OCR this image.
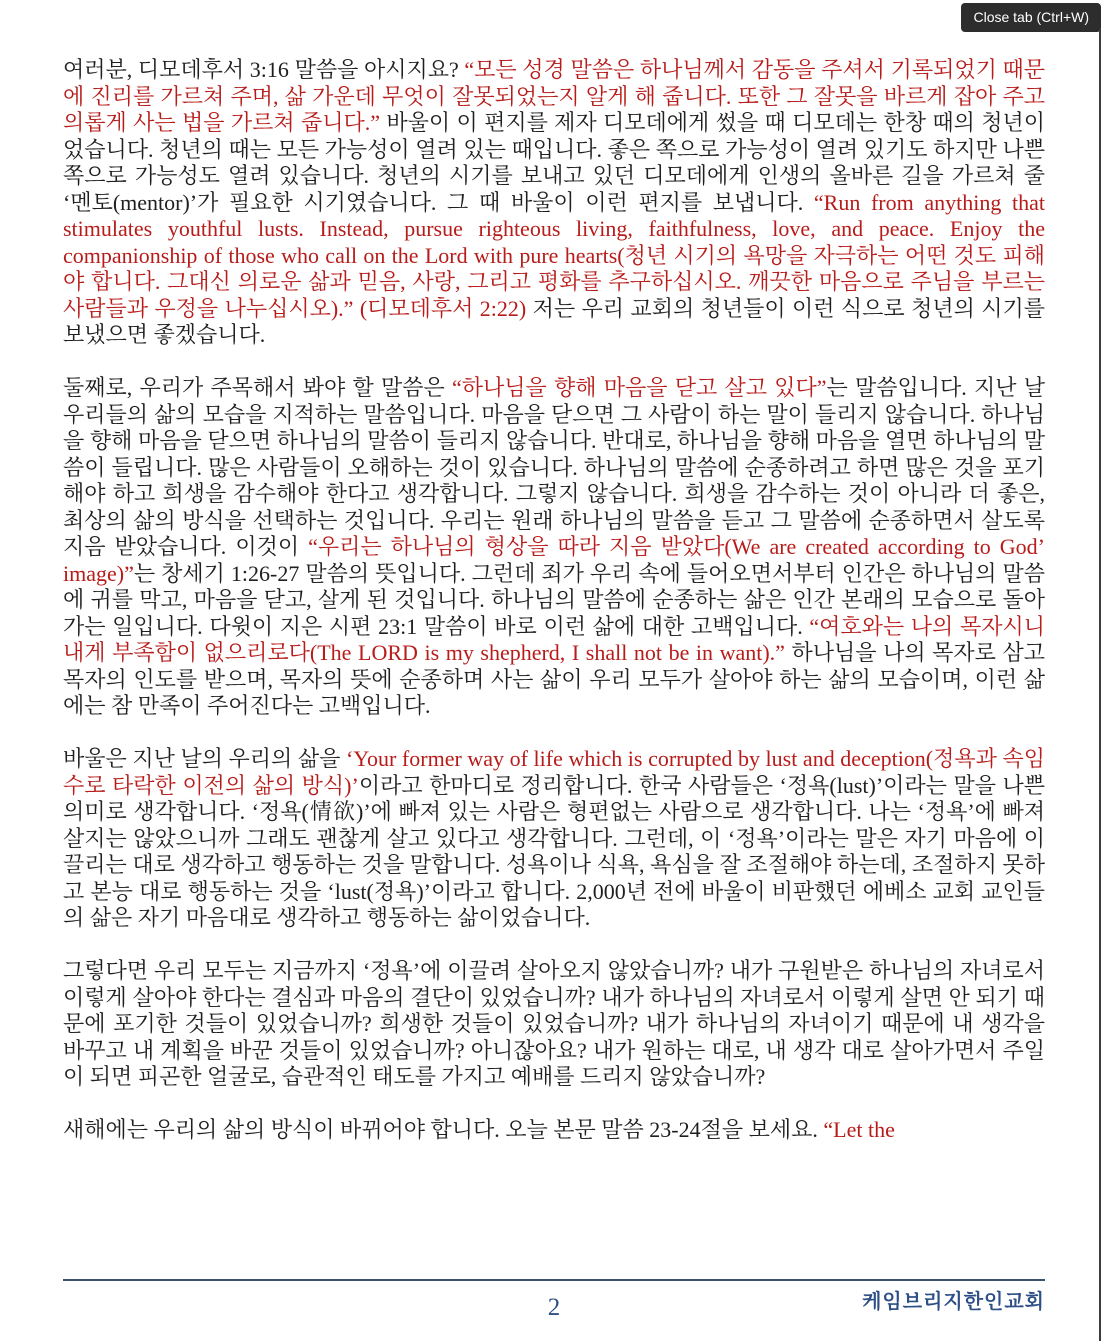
Close tab (Ctrl+W)

여러분, 디모데후서 3:16 말씀을 아시지요? “모든 성경 말씀은 하나님께서 감동을 주셔서 기록되었기 때문에 진리를 가르쳐 주며, 삶 가운데 무엇이 잘못되었는지 알게 해 줍니다. 또한 그 잘못을 바르게 잡아 주고 의롭게 사는 법을 가르쳐 줍니다.” 바울이 이 편지를 제자 디모데에게 썼을 때 디모데는 한창 때의 청년이었습니다. 청년의 때는 모든 가능성이 열려 있는 때입니다. 좋은 쪽으로 가능성이 열려 있기도 하지만 나쁜 쪽으로 가능성도 열려 있습니다. 청년의 시기를 보내고 있던 디모데에게 인생의 올바른 길을 가르쳐 줄 ‘멘토(mentor)’가 필요한 시기였습니다. 그 때 바울이 이런 편지를 보냅니다. “Run from anything that stimulates youthful lusts. Instead, pursue righteous living, faithfulness, love, and peace. Enjoy the companionship of those who call on the Lord with pure hearts(청년 시기의 욕망을 자극하는 어떤 것도 피해야 합니다. 그대신 의로운 삶과 믿음, 사랑, 그리고 평화를 추구하십시오. 깨끗한 마음으로 주님을 부르는 사람들과 우정을 나누십시오).” (디모데후서 2:22) 저는 우리 교회의 청년들이 이런 식으로 청년의 시기를 보냈으면 좋겠습니다.

둘째로, 우리가 주목해서 봐야 할 말씀은 “하나님을 향해 마음을 닫고 살고 있다”는 말씀입니다. 지난 날 우리들의 삶의 모습을 지적하는 말씀입니다. 마음을 닫으면 그 사람이 하는 말이 들리지 않습니다. 하나님을 향해 마음을 닫으면 하나님의 말씀이 들리지 않습니다. 반대로, 하나님을 향해 마음을 열면 하나님의 말씀이 들립니다. 많은 사람들이 오해하는 것이 있습니다. 하나님의 말씀에 순종하려고 하면 많은 것을 포기해야 하고 희생을 감수해야 한다고 생각합니다. 그렇지 않습니다. 희생을 감수하는 것이 아니라 더 좋은, 최상의 삶의 방식을 선택하는 것입니다. 우리는 원래 하나님의 말씀을 듣고 그 말씀에 순종하면서 살도록 지음 받았습니다. 이것이 “우리는 하나님의 형상을 따라 지음 받았다(We are created according to God’ image)”는 창세기 1:26-27 말씀의 뜻입니다. 그런데 죄가 우리 속에 들어오면서부터 인간은 하나님의 말씀에 귀를 막고, 마음을 닫고, 살게 된 것입니다. 하나님의 말씀에 순종하는 삶은 인간 본래의 모습으로 돌아가는 일입니다. 다윗이 지은 시편 23:1 말씀이 바로 이런 삶에 대한 고백입니다. “여호와는 나의 목자시니 내게 부족함이 없으리로다(The LORD is my shepherd, I shall not be in want).” 하나님을 나의 목자로 삼고 목자의 인도를 받으며, 목자의 뜻에 순종하며 사는 삶이 우리 모두가 살아야 하는 삶의 모습이며, 이런 삶에는 참 만족이 주어진다는 고백입니다.

바울은 지난 날의 우리의 삶을 ‘Your former way of life which is corrupted by lust and deception(정욕과 속임수로 타락한 이전의 삶의 방식)’이라고 한마디로 정리합니다. 한국 사람들은 ‘정욕(lust)’이라는 말을 나쁜 의미로 생각합니다. ‘정욕(情欲)’에 빠져 있는 사람은 형편없는 사람으로 생각합니다. 나는 ‘정욕’에 빠져 살지는 않았으니까 그래도 괜찮게 살고 있다고 생각합니다. 그런데, 이 ‘정욕’이라는 말은 자기 마음에 이끌리는 대로 생각하고 행동하는 것을 말합니다. 성욕이나 식욕, 욕심을 잘 조절해야 하는데, 조절하지 못하고 본능 대로 행동하는 것을 ‘lust(정욕)’이라고 합니다. 2,000년 전에 바울이 비판했던 에베소 교회 교인들의 삶은 자기 마음대로 생각하고 행동하는 삶이었습니다.

그렇다면 우리 모두는 지금까지 ‘정욕’에 이끌려 살아오지 않았습니까? 내가 구원받은 하나님의 자녀로서 이렇게 살아야 한다는 결심과 마음의 결단이 있었습니까? 내가 하나님의 자녀로서 이렇게 살면 안 되기 때문에 포기한 것들이 있었습니까? 희생한 것들이 있었습니까? 내가 하나님의 자녀이기 때문에 내 생각을 바꾸고 내 계획을 바꾼 것들이 있었습니까? 아니잖아요? 내가 원하는 대로, 내 생각 대로 살아가면서 주일이 되면 피곤한 얼굴로, 습관적인 태도를 가지고 예배를 드리지 않았습니까?

새해에는 우리의 삶의 방식이 바뀌어야 합니다. 오늘 본문 말씀 23-24절을 보세요. “Let the

케임브리지한인교회
2
